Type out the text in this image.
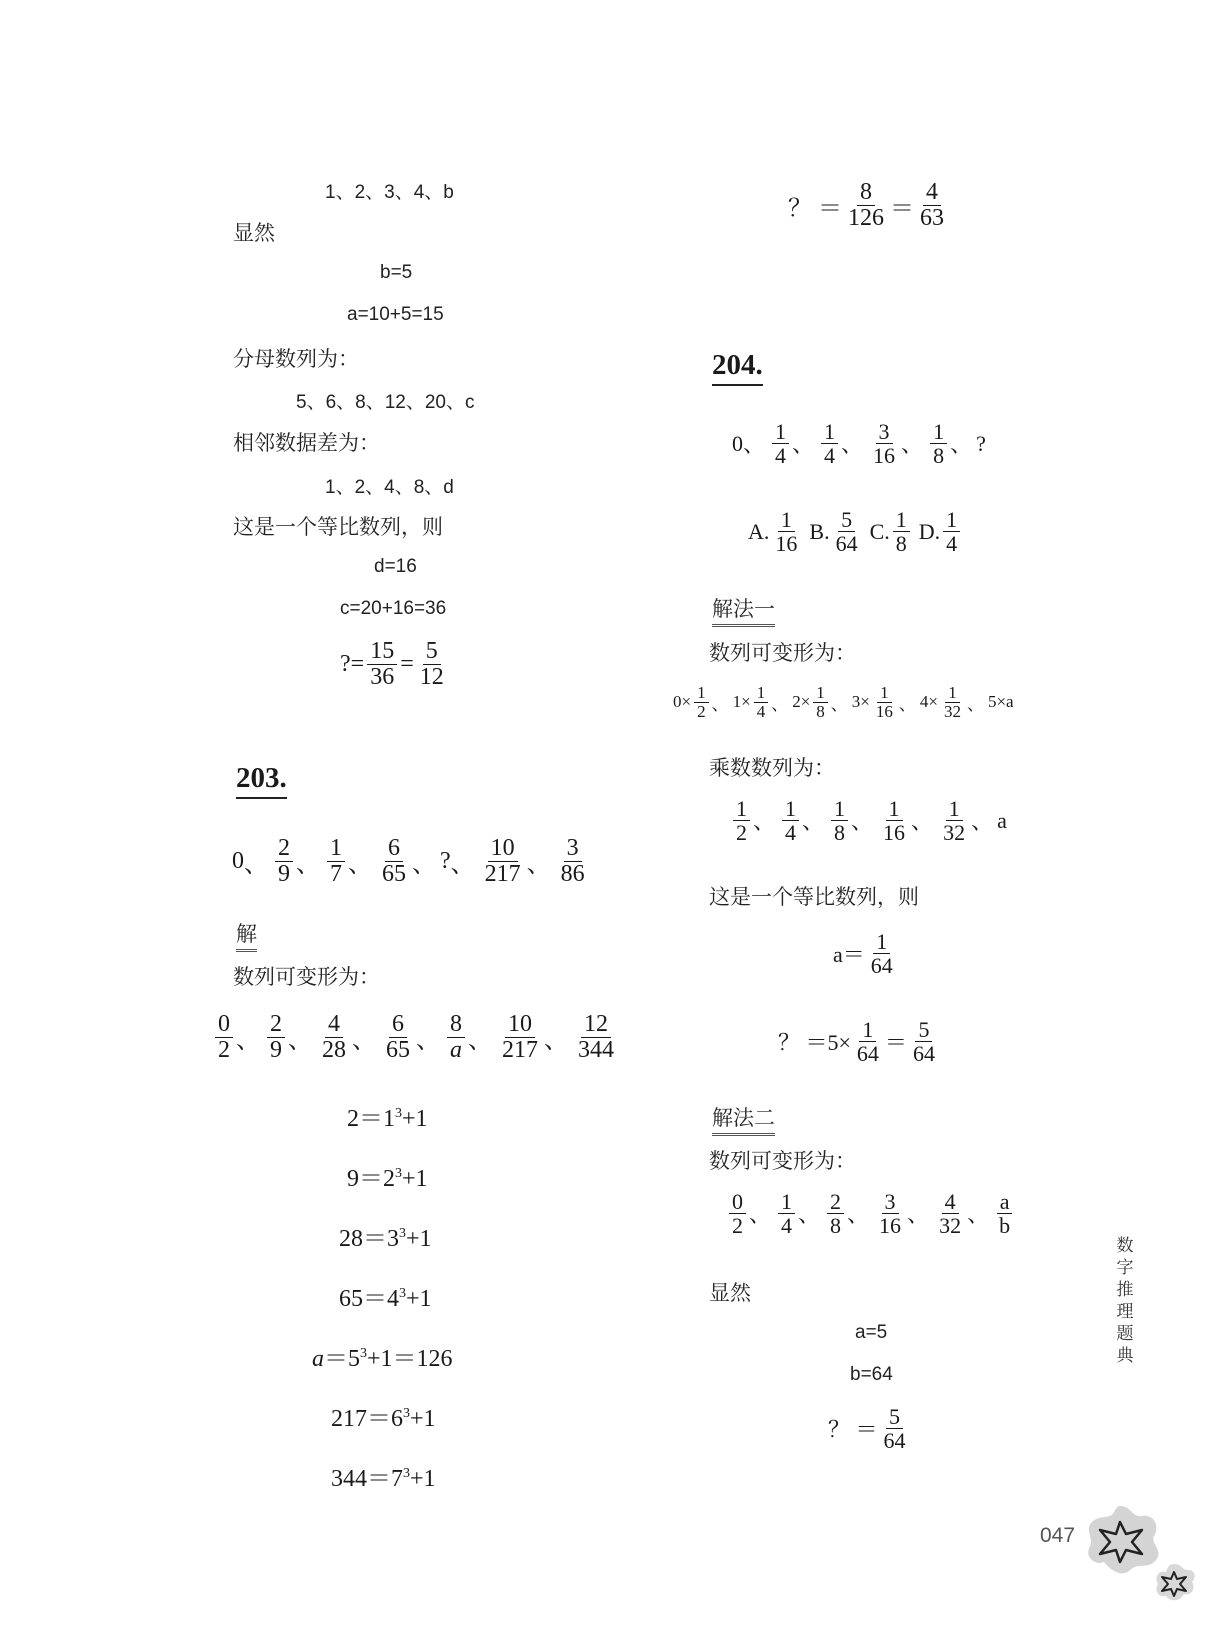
1、2、3、4、b
显然
b=5
a=10+5=15
分母数列为：
5、6、8、12、20、c
相邻数据差为：
1、2、4、8、d
这是一个等比数列，则
d=16
c=20+16=36
? = $\frac{15}{36} = \frac{5}{12}$
203.
0 、 $\frac{2}{9}$ 、 $\frac{1}{7}$ 、 $\frac{6}{65}$ 、 ? 、 $\frac{10}{217}$ 、 $\frac{3}{86}$
解
数列可变形为：
$\frac{0}{2}$ 、 $\frac{2}{9}$ 、 $\frac{4}{28}$ 、 $\frac{6}{65}$ 、 $\frac{8}{a}$ 、 $\frac{10}{217}$ 、 $\frac{12}{344}$
$2=1^3+1$
$9=2^3+1$
$28=3^3+1$
$65=4^3+1$
$a=5^3+1=126$
$217=6^3+1$
$344=7^3+1$
？
＝ $\frac{8}{126} = \frac{4}{63}$
204.
0 、 $\frac{1}{4}$ 、 $\frac{1}{4}$ 、 $\frac{3}{16}$ 、 $\frac{1}{8}$ 、 ?
A. $\frac{1}{16} B$. $\frac{5}{64} C$. $\frac{1}{8} D$. $\frac{1}{4}$
解法一
数列可变形为：
$0\times \frac{1}{2}$ 、 $1\times \frac{1}{4}$ 、 $2\times \frac{1}{8}$ 、 $3\times \frac{1}{16}$ 、 $4\times \frac{1}{32}$ 、 5×a
乘数数列为：
$\frac{1}{2}$ 、 $\frac{1}{4}$ 、 $\frac{1}{8}$ 、 $\frac{1}{16}$ 、 $\frac{1}{32}$ 、 a
这是一个等比数列，则
$a= \frac{1}{64}$
？ $=5\times \frac{1}{64} = \frac{5}{64}$
解法二
数列可变形为：
$\frac{0}{2}$ 、 $\frac{1}{4}$ 、 $\frac{2}{8}$ 、 $\frac{3}{16}$ 、 $\frac{4}{32}$ 、 $\frac{a}{b}$
显然
a=5
b=64
？ ＝ $\frac{5}{64}$
数字推理题典
047
